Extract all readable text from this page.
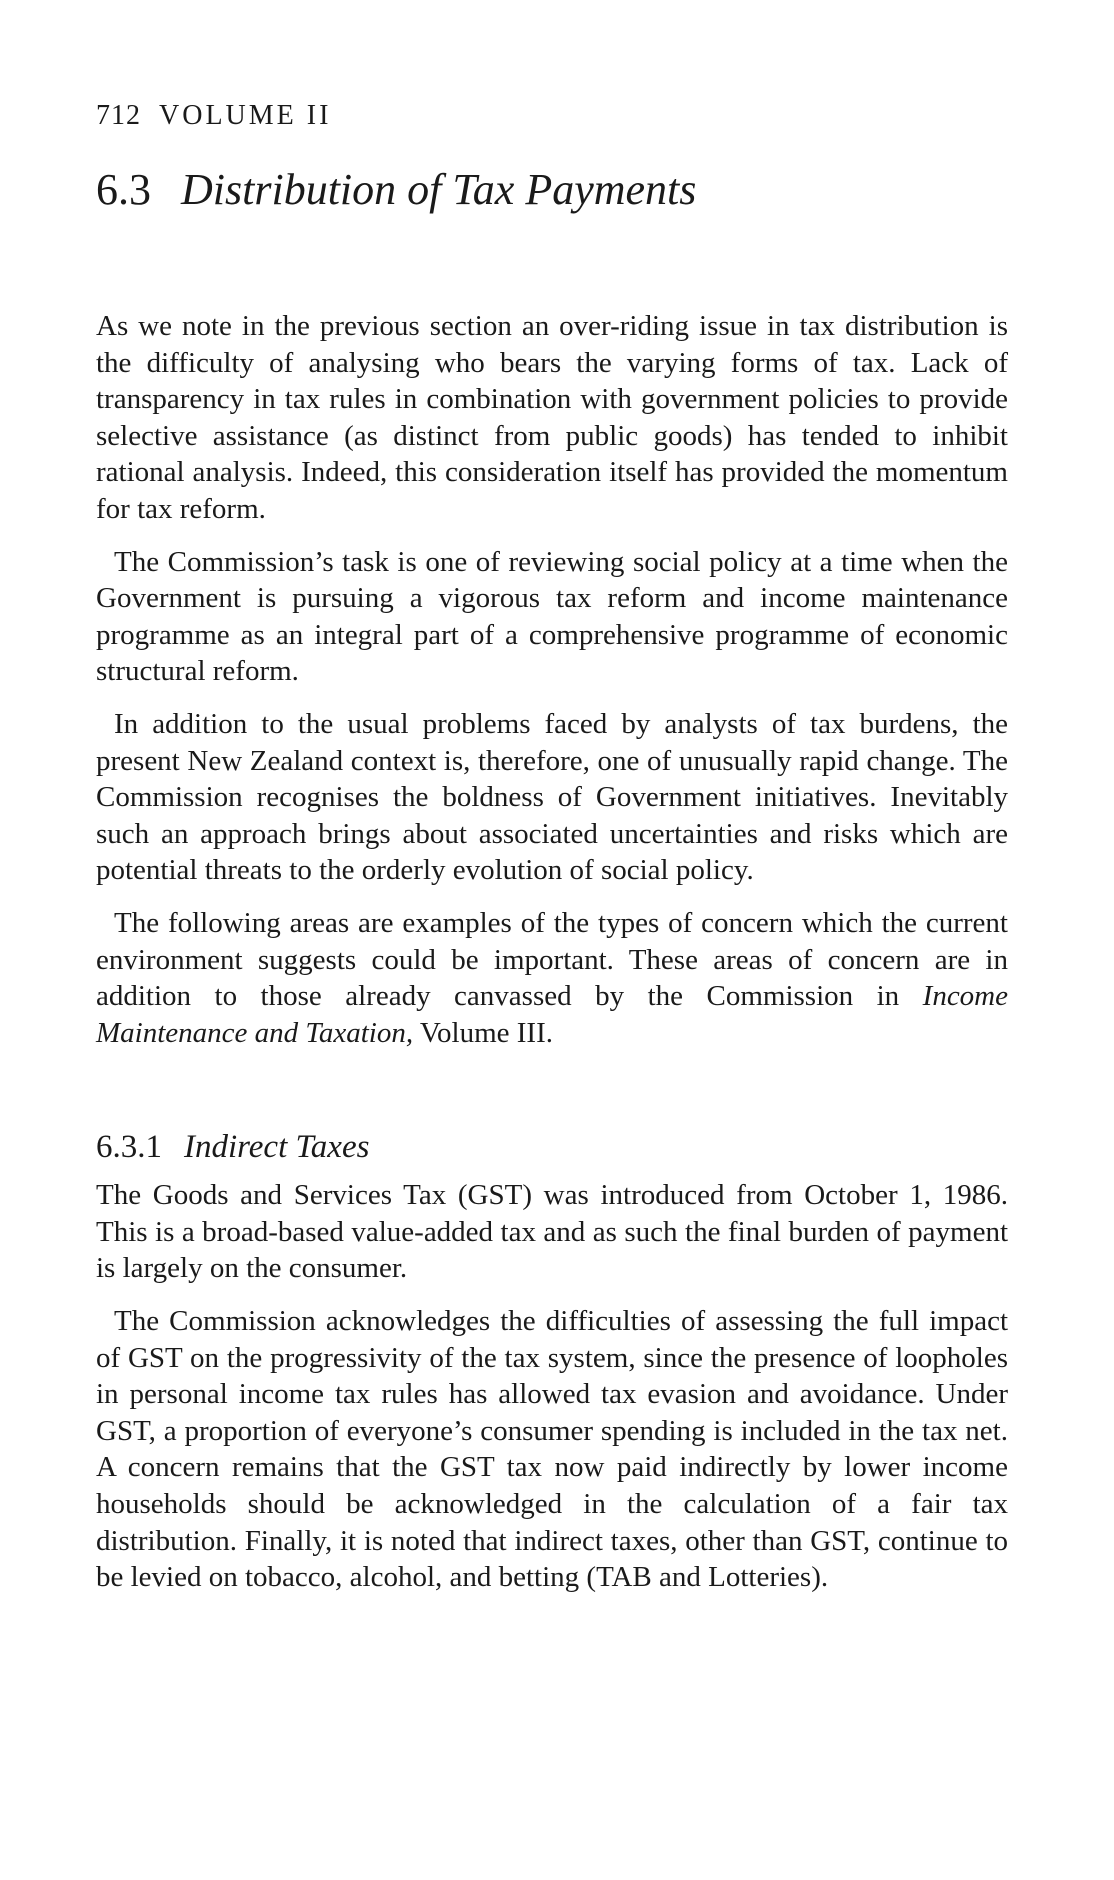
712 VOLUME II
6.3 Distribution of Tax Payments

As we note in the previous section an over-riding issue in tax distribution is the difficulty of analysing who bears the varying forms of tax. Lack of transparency in tax rules in combination with government policies to provide selective assistance (as distinct from public goods) has tended to inhibit rational analysis. Indeed, this consideration itself has provided the momentum for tax reform.

The Commission’s task is one of reviewing social policy at a time when the Government is pursuing a vigorous tax reform and income maintenance programme as an integral part of a comprehensive programme of economic structural reform.

In addition to the usual problems faced by analysts of tax burdens, the present New Zealand context is, therefore, one of unusually rapid change. The Commission recognises the boldness of Government initiatives. Inevitably such an approach brings about associated uncertainties and risks which are potential threats to the orderly evolution of social policy.

The following areas are examples of the types of concern which the current environment suggests could be important. These areas of concern are in addition to those already canvassed by the Commission in Income Maintenance and Taxation, Volume III.

6.3.1 Indirect Taxes

The Goods and Services Tax (GST) was introduced from October 1, 1986. This is a broad-based value-added tax and as such the final burden of payment is largely on the consumer.

The Commission acknowledges the difficulties of assessing the full impact of GST on the progressivity of the tax system, since the presence of loopholes in personal income tax rules has allowed tax evasion and avoidance. Under GST, a proportion of everyone’s consumer spending is included in the tax net. A concern remains that the GST tax now paid indirectly by lower income households should be acknowledged in the calculation of a fair tax distribution. Finally, it is noted that indirect taxes, other than GST, continue to be levied on tobacco, alcohol, and betting (TAB and Lotteries).
